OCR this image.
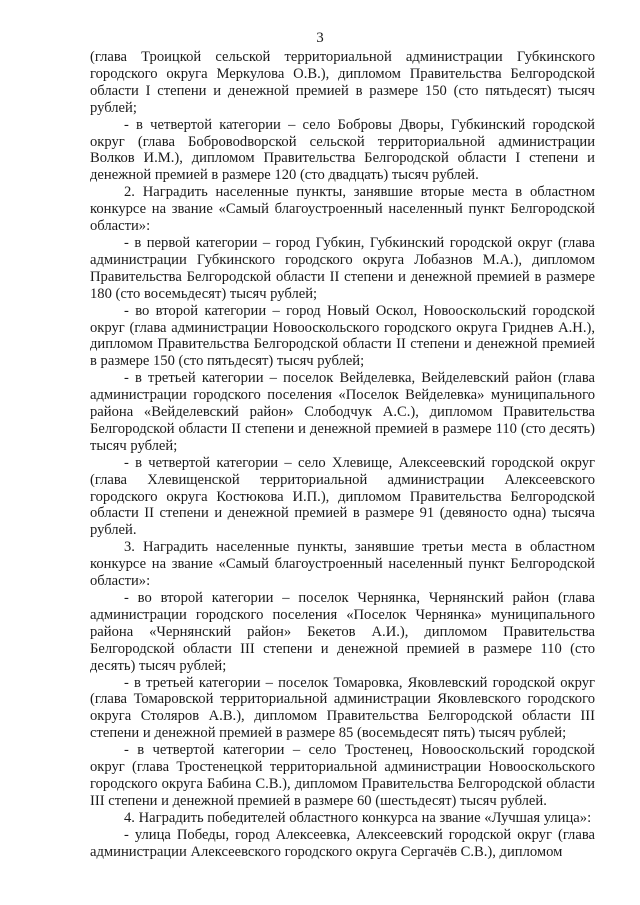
3

(глава Троицкой сельской территориальной администрации Губкинского городского округа Меркулова О.В.), дипломом Правительства Белгородской области I степени и денежной премией в размере 150 (сто пятьдесят) тысяч рублей;

- в четвертой категории – село Бобровы Дворы, Губкинский городской округ (глава Бобровodворской сельской территориальной администрации Волков И.М.), дипломом Правительства Белгородской области I степени и денежной премией в размере 120 (сто двадцать) тысяч рублей.

2. Наградить населенные пункты, занявшие вторые места в областном конкурсе на звание «Самый благоустроенный населенный пункт Белгородской области»:

- в первой категории – город Губкин, Губкинский городской округ (глава администрации Губкинского городского округа Лобазнов М.А.), дипломом Правительства Белгородской области II степени и денежной премией в размере 180 (сто восемьдесят) тысяч рублей;

- во второй категории – город Новый Оскол, Новооскольский городской округ (глава администрации Новооскольского городского округа Гриднев А.Н.), дипломом Правительства Белгородской области II степени и денежной премией в размере 150 (сто пятьдесят) тысяч рублей;

- в третьей категории – поселок Вейделевка, Вейделевский район (глава администрации городского поселения «Поселок Вейделевка» муниципального района «Вейделевский район» Слободчук А.С.), дипломом Правительства Белгородской области II степени и денежной премией в размере 110 (сто десять) тысяч рублей;

- в четвертой категории – село Хлевище, Алексеевский городской округ (глава Хлевищенской территориальной администрации Алексеевского городского округа Костюкова И.П.), дипломом Правительства Белгородской области II степени и денежной премией в размере 91 (девяносто одна) тысяча рублей.

3. Наградить населенные пункты, занявшие третьи места в областном конкурсе на звание «Самый благоустроенный населенный пункт Белгородской области»:

- во второй категории – поселок Чернянка, Чернянский район (глава администрации городского поселения «Поселок Чернянка» муниципального района «Чернянский район» Бекетов А.И.), дипломом Правительства Белгородской области III степени и денежной премией в размере 110 (сто десять) тысяч рублей;

- в третьей категории – поселок Томаровка, Яковлевский городской округ (глава Томаровской территориальной администрации Яковлевского городского округа Столяров А.В.), дипломом Правительства Белгородской области III степени и денежной премией в размере 85 (восемьдесят пять) тысяч рублей;

- в четвертой категории – село Тростенец, Новооскольский городской округ (глава Тростенецкой территориальной администрации Новооскольского городского округа Бабина С.В.), дипломом Правительства Белгородской области III степени и денежной премией в размере 60 (шестьдесят) тысяч рублей.

4. Наградить победителей областного конкурса на звание «Лучшая улица»:

- улица Победы, город Алексеевка, Алексеевский городской округ (глава администрации Алексеевского городского округа Сергачёв С.В.), дипломом
